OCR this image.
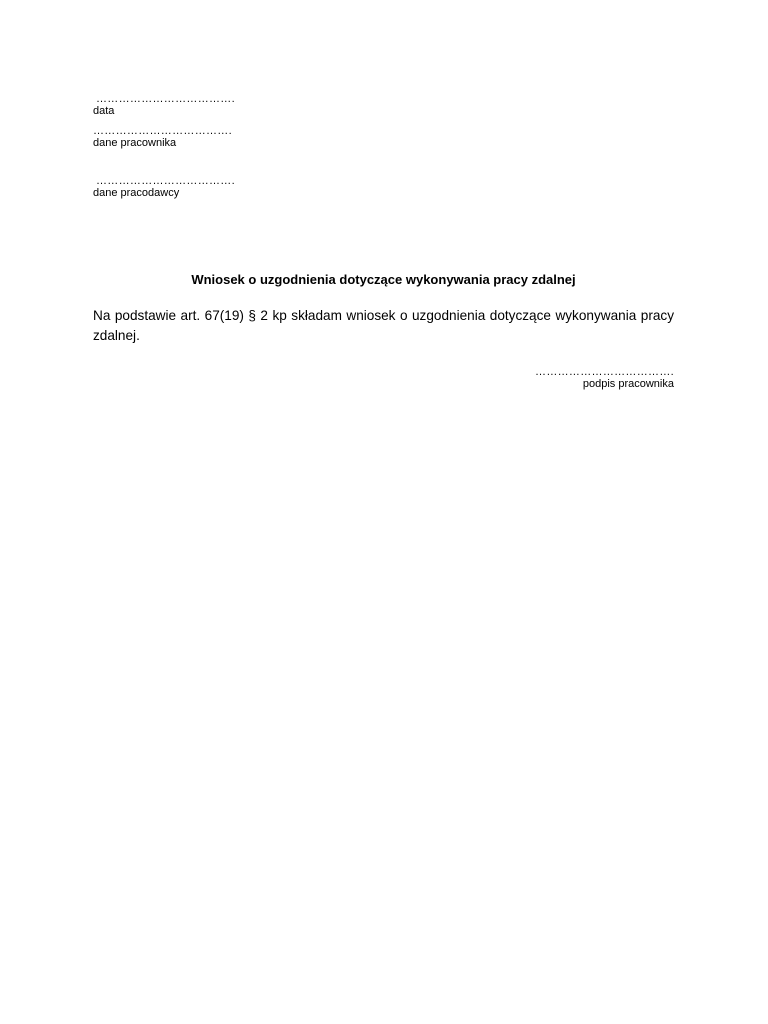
……………………………….
data
……………………………….
dane pracownika
……………………………….
dane pracodawcy
Wniosek o uzgodnienia dotyczące wykonywania pracy zdalnej
Na podstawie art. 67(19) § 2 kp składam wniosek o uzgodnienia dotyczące wykonywania pracy zdalnej.
……………………………….
podpis pracownika
